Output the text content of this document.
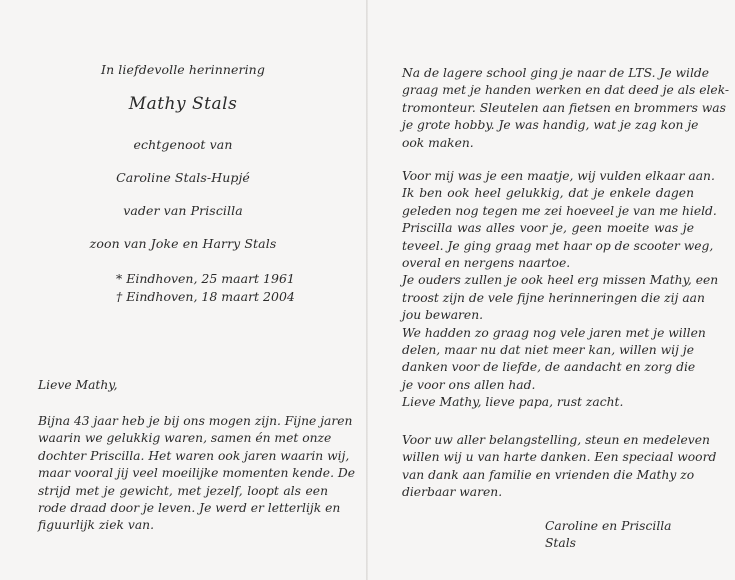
In liefdevolle herinnering
Mathy Stals
echtgenoot van
Caroline Stals-Hupjé
vader van Priscilla
zoon van Joke en Harry Stals
* Eindhoven, 25 maart 1961
† Eindhoven, 18 maart 2004
Lieve Mathy,
Bijna 43 jaar heb je bij ons mogen zijn. Fijne jaren
waarin we gelukkig waren, samen én met onze
dochter Priscilla. Het waren ook jaren waarin wij,
maar vooral jij veel moeilijke momenten kende. De
strijd met je gewicht, met jezelf, loopt als een
rode draad door je leven. Je werd er letterlijk en
figuurlijk ziek van.
Na de lagere school ging je naar de LTS. Je wilde
graag met je handen werken en dat deed je als elek-
tromonteur. Sleutelen aan fietsen en brommers was
je grote hobby. Je was handig, wat je zag kon je
ook maken.
Voor mij was je een maatje, wij vulden elkaar aan.
Ik ben ook heel gelukkig, dat je enkele dagen
geleden nog tegen me zei hoeveel je van me hield.
Priscilla was alles voor je, geen moeite was je
teveel. Je ging graag met haar op de scooter weg,
overal en nergens naartoe.
Je ouders zullen je ook heel erg missen Mathy, een
troost zijn de vele fijne herinneringen die zij aan
jou bewaren.
We hadden zo graag nog vele jaren met je willen
delen, maar nu dat niet meer kan, willen wij je
danken voor de liefde, de aandacht en zorg die
je voor ons allen had.
Lieve Mathy, lieve papa, rust zacht.
Voor uw aller belangstelling, steun en medeleven
willen wij u van harte danken. Een speciaal woord
van dank aan familie en vrienden die Mathy zo
dierbaar waren.
Caroline en Priscilla Stals
